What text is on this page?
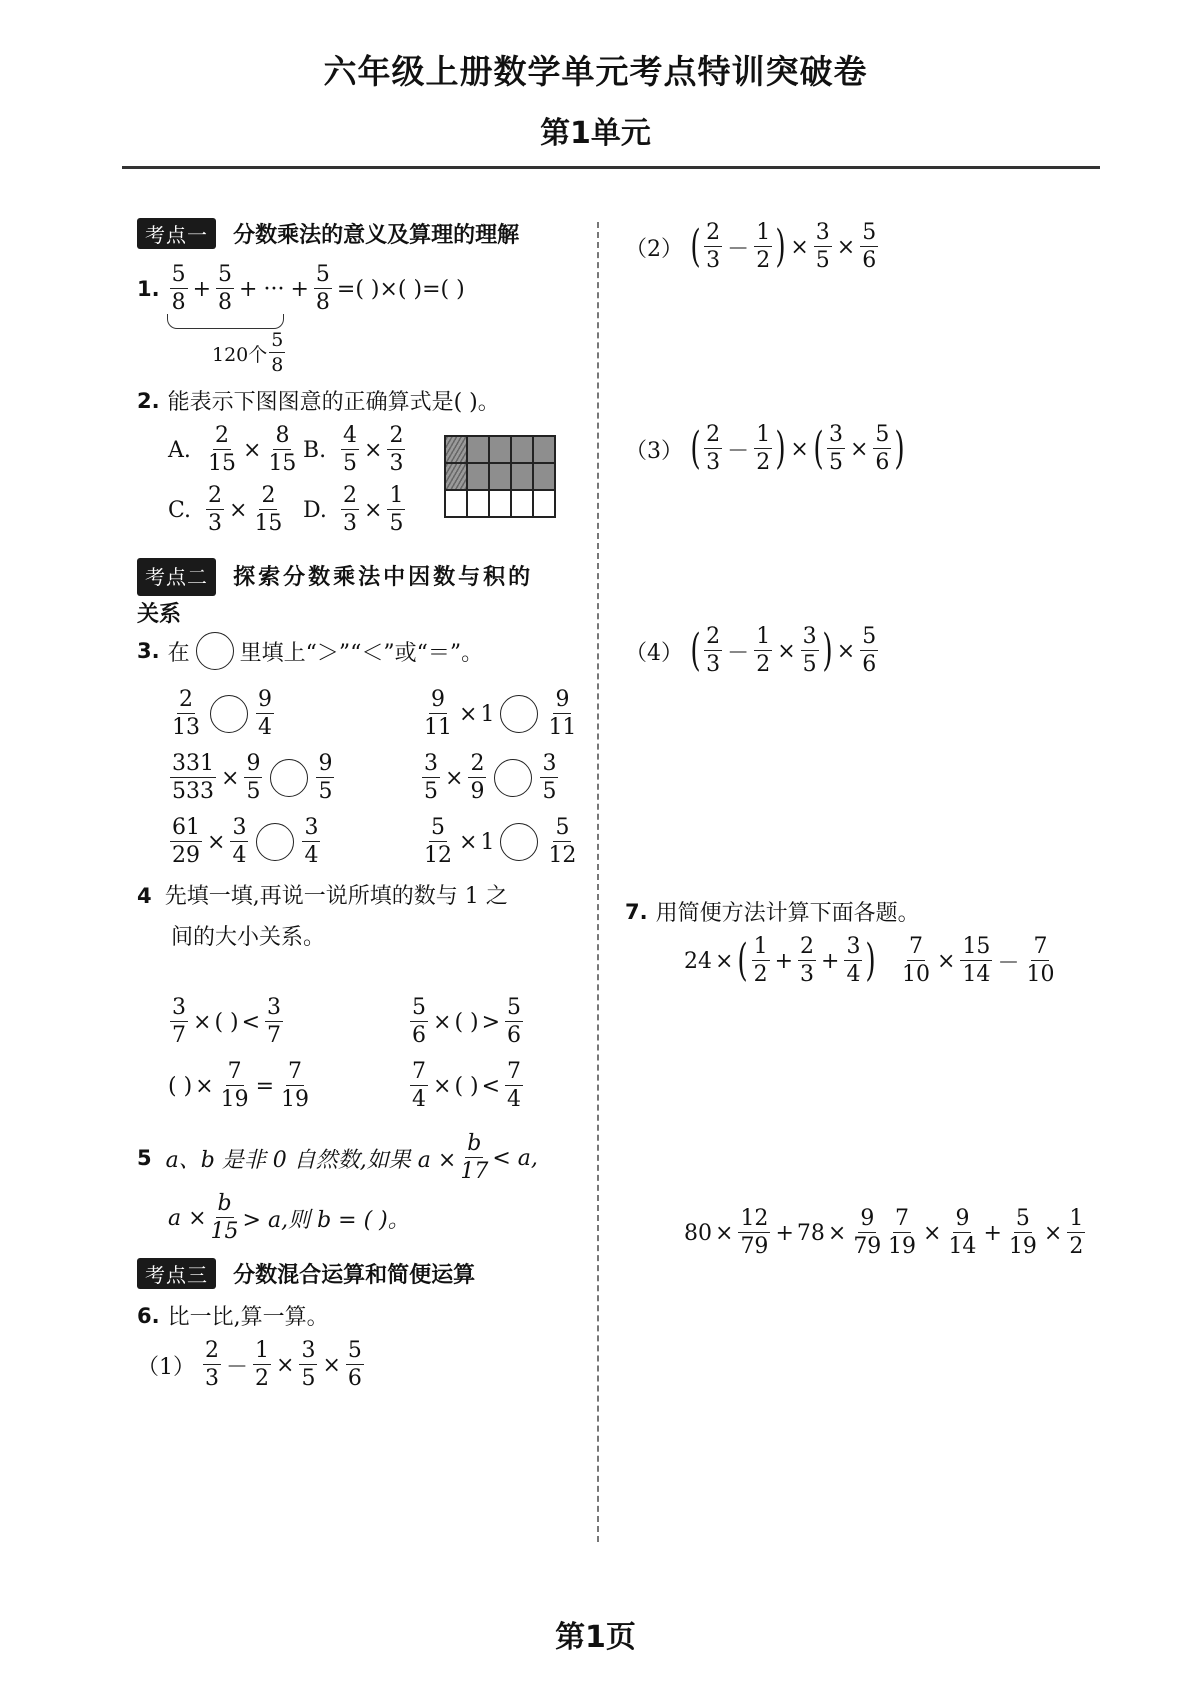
六年级上册数学单元考点特训突破卷
第1单元
考点一 分数乘法的意义及算理的理解
1. $\frac{5}{8} + \frac{5}{8}$ + ··· + $\frac{5}{8}$ =( )×( )=( )
120个 $\frac{5}{8}$
2. 能表示下图图意的正确算式是( )。
A. $\frac{2}{15} \times \frac{8}{15} B$. $\frac{4}{5} \times \frac{2}{3}$
C. $\frac{2}{3} \times \frac{2}{15} D$. $\frac{2}{3} \times \frac{1}{5}$
考点二 探索分数乘法中因数与积的
关系
3. 在 里填上“＞”“＜”或“＝”。
$\frac{2}{13} \frac{9}{4}$	$\frac{9}{11} \times 1 \frac{9}{11}$
$\frac{331}{533} \times \frac{9}{5} \frac{9}{5}$	$\frac{3}{5} \times \frac{2}{9} \frac{3}{5}$
$\frac{61}{29} \times \frac{3}{4} \frac{3}{4}$	$\frac{5}{12} \times 1 \frac{5}{12}$
4 先填一填,再说一说所填的数与 1 之
间的大小关系。
$\frac{3}{7}$ × ( ) < $\frac{3}{7}$	$\frac{5}{6}$ × ( ) > $\frac{5}{6}$
( ) × $\frac{7}{19} = \frac{7}{19}$	$\frac{7}{4}$ × ( ) < $\frac{7}{4}$
5 a、b 是非 0 自然数,如果 $a \times \frac{b}{17} < a$,
$a \times \frac{b}{15} > a$,则 b = ( )。
考点三 分数混合运算和简便运算
6. 比一比,算一算。
$(1) \frac{2}{3} - \frac{1}{2} \times \frac{3}{5} \times \frac{5}{6}$
（2） ( $\frac{2}{3} - \frac{1}{2}$ ) × $\frac{3}{5} \times \frac{5}{6}$
（3） ( $\frac{2}{3} - \frac{1}{2}$ ) × ( $\frac{3}{5} \times \frac{5}{6}$ )
（4） ( $\frac{2}{3} - \frac{1}{2} \times \frac{3}{5}$ ) × $\frac{5}{6}$
7. 用简便方法计算下面各题。
24 × ( $\frac{1}{2} + \frac{2}{3} + \frac{3}{4}$ ) $\frac{7}{10} \times \frac{15}{14} - \frac{7}{10}$
$80 \times \frac{12}{79} + 78 \times \frac{9}{79} \frac{7}{19} \times \frac{9}{14} + \frac{5}{19} \times \frac{1}{2}$
第1页
